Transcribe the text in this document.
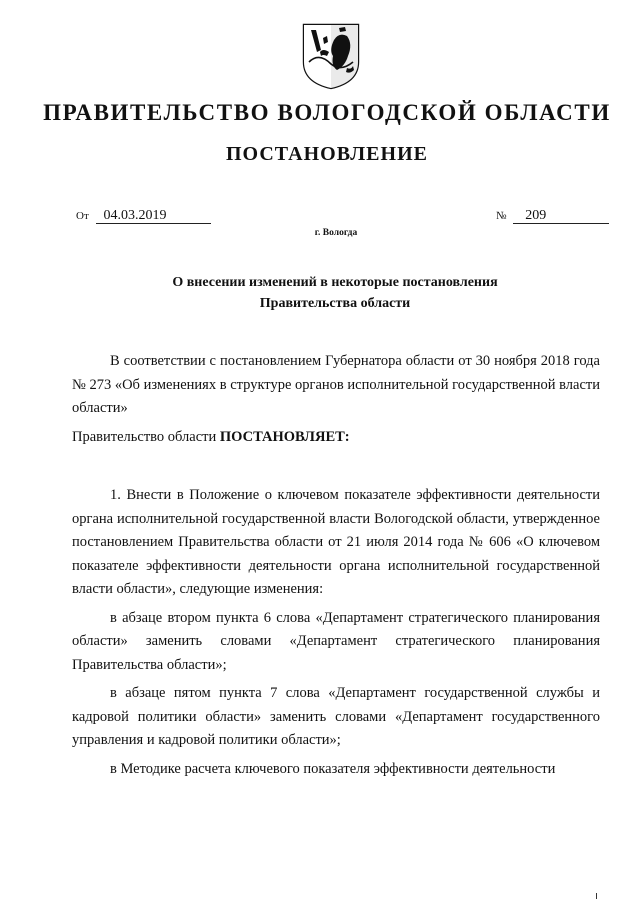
ПРАВИТЕЛЬСТВО ВОЛОГОДСКОЙ ОБЛАСТИ
ПОСТАНОВЛЕНИЕ
От 04.03.2019	№ 209
г. Вологда
О внесении изменений в некоторые постановления
Правительства области

В соответствии с постановлением Губернатора области от 30 ноября 2018 года № 273 «Об изменениях в структуре органов исполнительной государственной власти области»

Правительство области ПОСТАНОВЛЯЕТ:

1. Внести в Положение о ключевом показателе эффективности деятельности органа исполнительной государственной власти Вологодской области, утвержденное постановлением Правительства области от 21 июля 2014 года № 606 «О ключевом показателе эффективности деятельности органа исполнительной государственной власти области», следующие изменения:

в абзаце втором пункта 6 слова «Департамент стратегического планирования области» заменить словами «Департамент стратегического планирования Правительства области»;

в абзаце пятом пункта 7 слова «Департамент государственной службы и кадровой политики области» заменить словами «Департамент государственного управления и кадровой политики области»;

в Методике расчета ключевого показателя эффективности деятельности
